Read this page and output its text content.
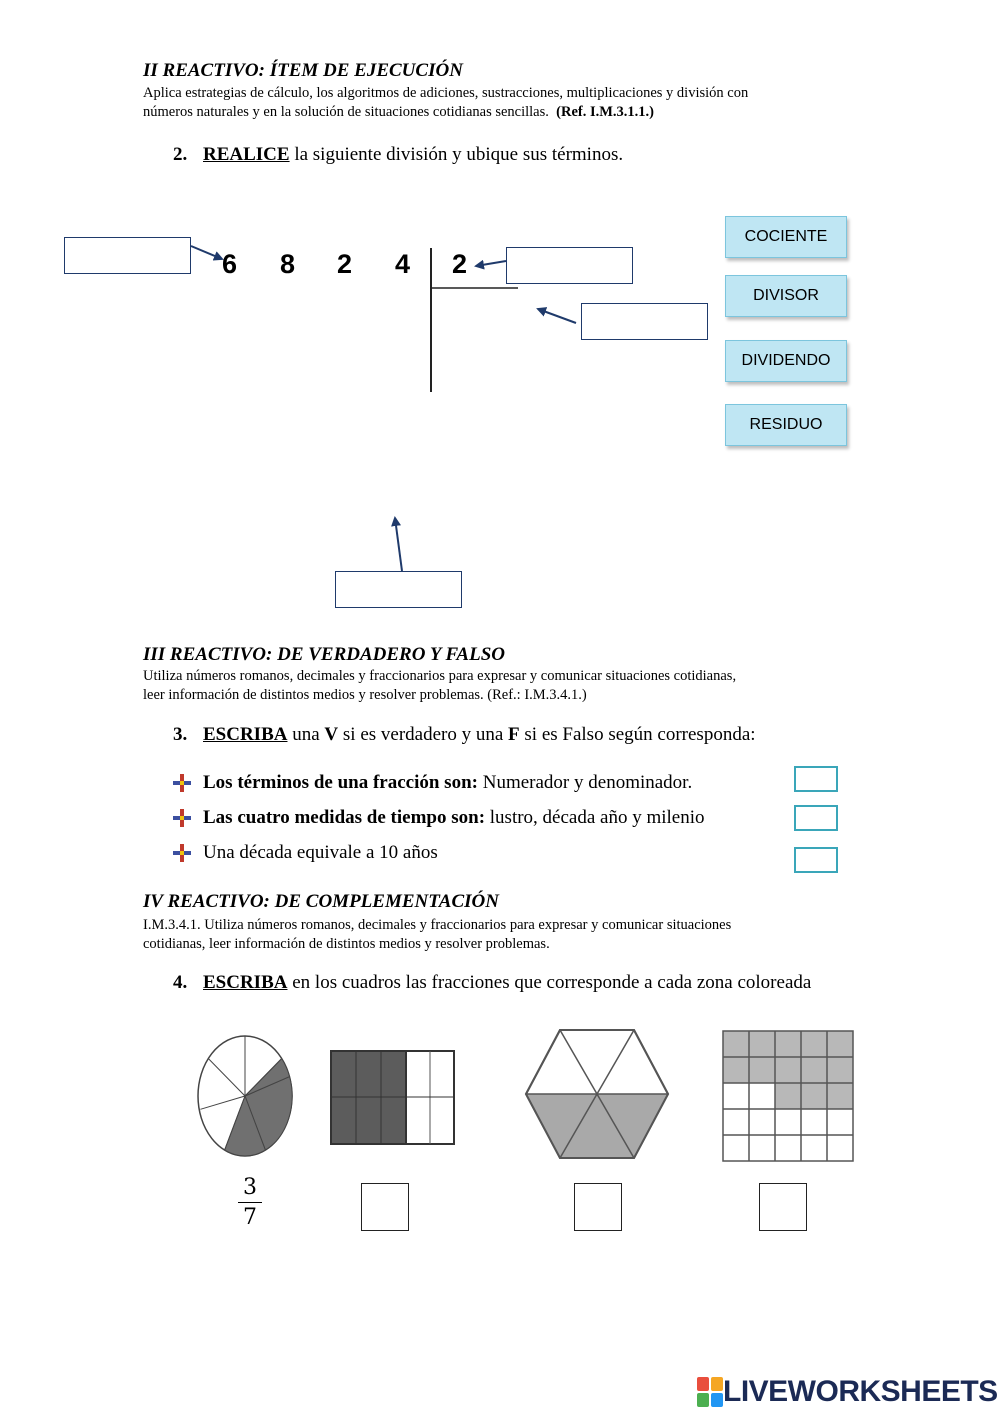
II REACTIVO: ÍTEM DE EJECUCIÓN
Aplica estrategias de cálculo, los algoritmos de adiciones, sustracciones, multiplicaciones y división con
números naturales y en la solución de situaciones cotidianas sencillas. (Ref. I.M.3.1.1.)
2. REALICE la siguiente división y ubique sus términos.
6 8 2 4 2
COCIENTE
DIVISOR
DIVIDENDO
RESIDUO
III REACTIVO: DE VERDADERO Y FALSO
Utiliza números romanos, decimales y fraccionarios para expresar y comunicar situaciones cotidianas,
leer información de distintos medios y resolver problemas. (Ref.: I.M.3.4.1.)
3. ESCRIBA una V si es verdadero y una F si es Falso según corresponda:
Los términos de una fracción son: Numerador y denominador.
Las cuatro medidas de tiempo son: lustro, década año y milenio
Una década equivale a 10 años
IV REACTIVO: DE COMPLEMENTACIÓN
I.M.3.4.1. Utiliza números romanos, decimales y fraccionarios para expresar y comunicar situaciones
cotidianas, leer información de distintos medios y resolver problemas.
4. ESCRIBA en los cuadros las fracciones que corresponde a cada zona coloreada
3
7
LIVEWORKSHEETS
